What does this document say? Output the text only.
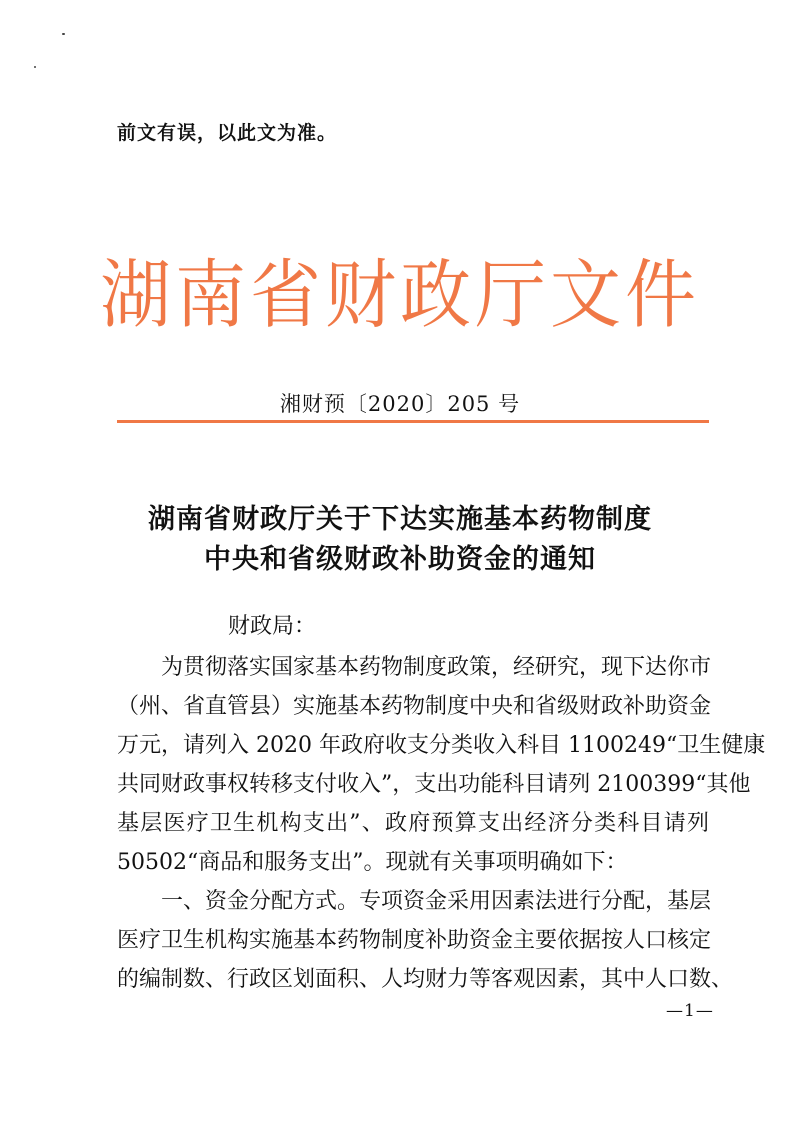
前文有误，以此文为准。
湖南省财政厅文件
湘财预〔2020〕205 号
湖南省财政厅关于下达实施基本药物制度
中央和省级财政补助资金的通知
财政局：
为贯彻落实国家基本药物制度政策，经研究，现下达你市
（州、省直管县）实施基本药物制度中央和省级财政补助资金
万元，请列入 2020 年政府收支分类收入科目 1100249“卫生健康
共同财政事权转移支付收入”，支出功能科目请列 2100399“其他
基层医疗卫生机构支出”、政府预算支出经济分类科目请列
50502“商品和服务支出”。现就有关事项明确如下：
一、资金分配方式。专项资金采用因素法进行分配，基层
医疗卫生机构实施基本药物制度补助资金主要依据按人口核定
的编制数、行政区划面积、人均财力等客观因素，其中人口数、
—1—
